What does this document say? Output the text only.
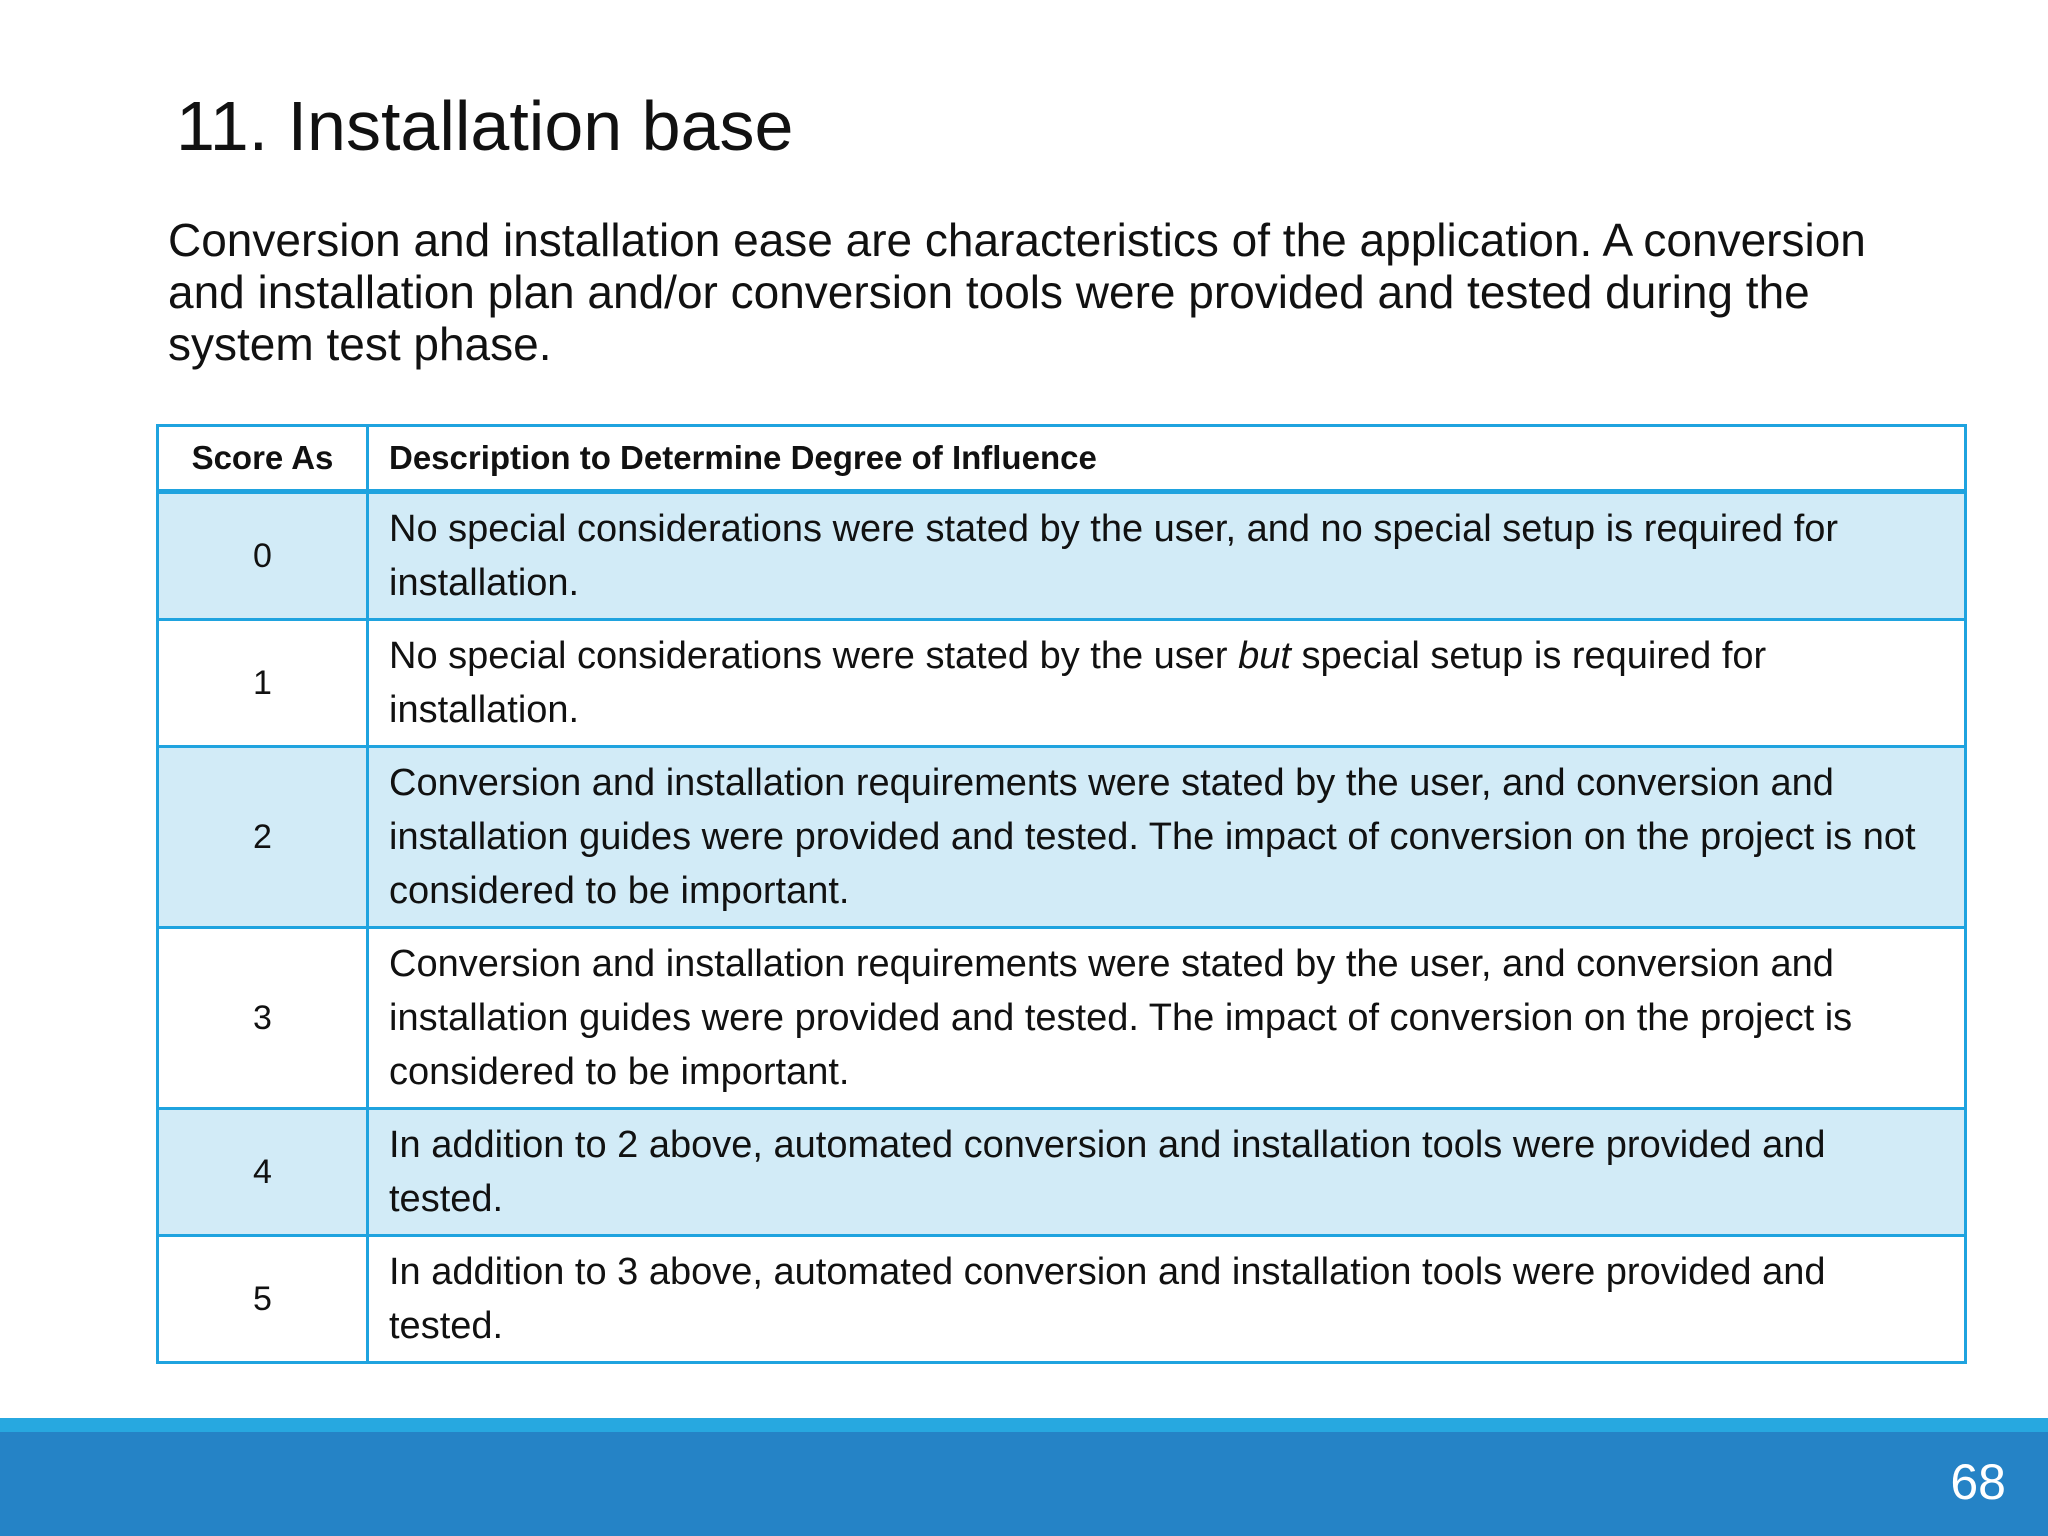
11. Installation base

Conversion and installation ease are characteristics of the application. A conversion and installation plan and/or conversion tools were provided and tested during the system test phase.

Score As	Description to Determine Degree of Influence
0	No special considerations were stated by the user, and no special setup is required for installation.
1	No special considerations were stated by the user but special setup is required for installation.
2	Conversion and installation requirements were stated by the user, and conversion and installation guides were provided and tested. The impact of conversion on the project is not considered to be important.
3	Conversion and installation requirements were stated by the user, and conversion and installation guides were provided and tested. The impact of conversion on the project is considered to be important.
4	In addition to 2 above, automated conversion and installation tools were provided and tested.
5	In addition to 3 above, automated conversion and installation tools were provided and tested.
68
